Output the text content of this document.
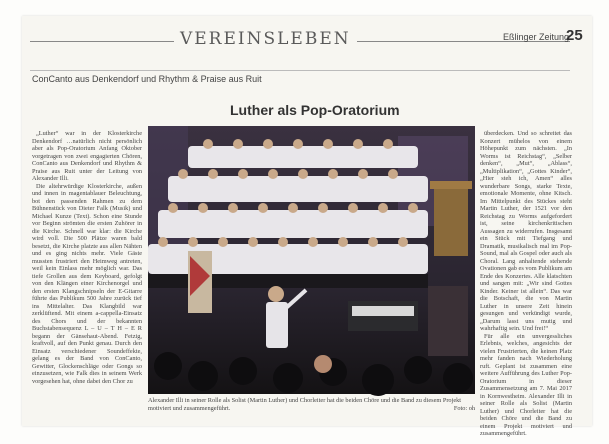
VEREINSLEBEN	Eßlinger Zeitung
25
ConCanto aus Denkendorf und Rhythm & Praise aus Ruit
Luther als Pop-Oratorium

„Luther“ war in der Klosterkirche Denkendorf …natürlich nicht persönlich aber als Pop-Oratorium Anfang Oktober vorgetragen von zwei engagierten Chören, ConCanto aus Denkendorf und Rhythm & Praise aus Ruit unter der Leitung von Alexander Illi.

Die altehrwürdige Klosterkirche, außen und innen in magentablauer Beleuchtung, bot den passenden Rahmen zu dem Bühnenstück von Dieter Falk (Musik) und Michael Kunze (Text). Schon eine Stunde vor Beginn strömten die ersten Zuhörer in die Kirche. Schnell war klar: die Kirche wird voll. Die 500 Plätze waren bald besetzt, die Kirche platzte aus allen Nähten und es ging nichts mehr. Viele Gäste mussten frustriert den Heimweg antreten, weil kein Einlass mehr möglich war. Das tiefe Grollen aus dem Keyboard, gefolgt von den Klängen einer Kirchenorgel und den ersten Klangschnipseln der E-Gitarre führte das Publikum 500 Jahre zurück tief ins Mittelalter. Das Klangbild war zerklüftend. Mit einem a-cappella-Einsatz des Chors und der bekannten Buchstabensequenz L – U – T H – E R begann der Gänsehaut-Abend. Fetzig, kraftvoll, auf den Punkt genau. Durch den Einsatz verschiedener Soundeffekte, gelang es der Band von ConCanto, Gewitter, Glockenschläge oder Gongs so einzusetzen, wie Falk dies in seinem Werk vorgesehen hat, ohne dabei den Chor zu

Alexander Illi in seiner Rolle als Solist (Martin Luther) und Chorleiter hat die beiden Chöre und die Band zu diesem Projekt motiviert und zusammengeführt.	Foto: oh

überdecken. Und so schreitet das Konzert mühelos von einem Höhepunkt zum nächsten. „In Worms ist Reichstag“, „Selber denken“, „Mut“, „Ablass“, „Multiplikation“, „Gottes Kinder“, „Hier steh ich, Amen“ alles wunderbare Songs, starke Texte, emotionale Momente, ohne Kitsch. Im Mittelpunkt des Stückes steht Martin Luther, der 1521 vor den Reichstag zu Worms aufgefordert ist, seine kirchenkritischen Aussagen zu widerrufen. Insgesamt ein Stück mit Tiefgang und Dramatik, musikalisch mal im Pop-Sound, mal als Gospel oder auch als Choral. Lang anhaltende stehende Ovationen gab es vom Publikum am Ende des Konzertes. Alle klatschten und sangen mit: „Wir sind Gottes Kinder. Keiner ist allein“. Das war die Botschaft, die von Martin Luther in unsere Zeit hinein gesungen und verkündigt wurde, „Darum lasst uns mutig und wahrhaftig sein. Und frei!“

Für alle ein unvergessliches Erlebnis, welches, angesichts der vielen Frustrierten, die keinen Platz mehr fanden nach Wiederholung ruft. Geplant ist zusammen eine weitere Aufführung des Luther Pop-Oratorium in dieser Zusammensetzung am 7. Mai 2017 in Kornwestheim. Alexander Illi in seiner Rolle als Solist (Martin Luther) und Chorleiter hat die beiden Chöre und die Band zu einem Projekt motiviert und zusammengeführt.
